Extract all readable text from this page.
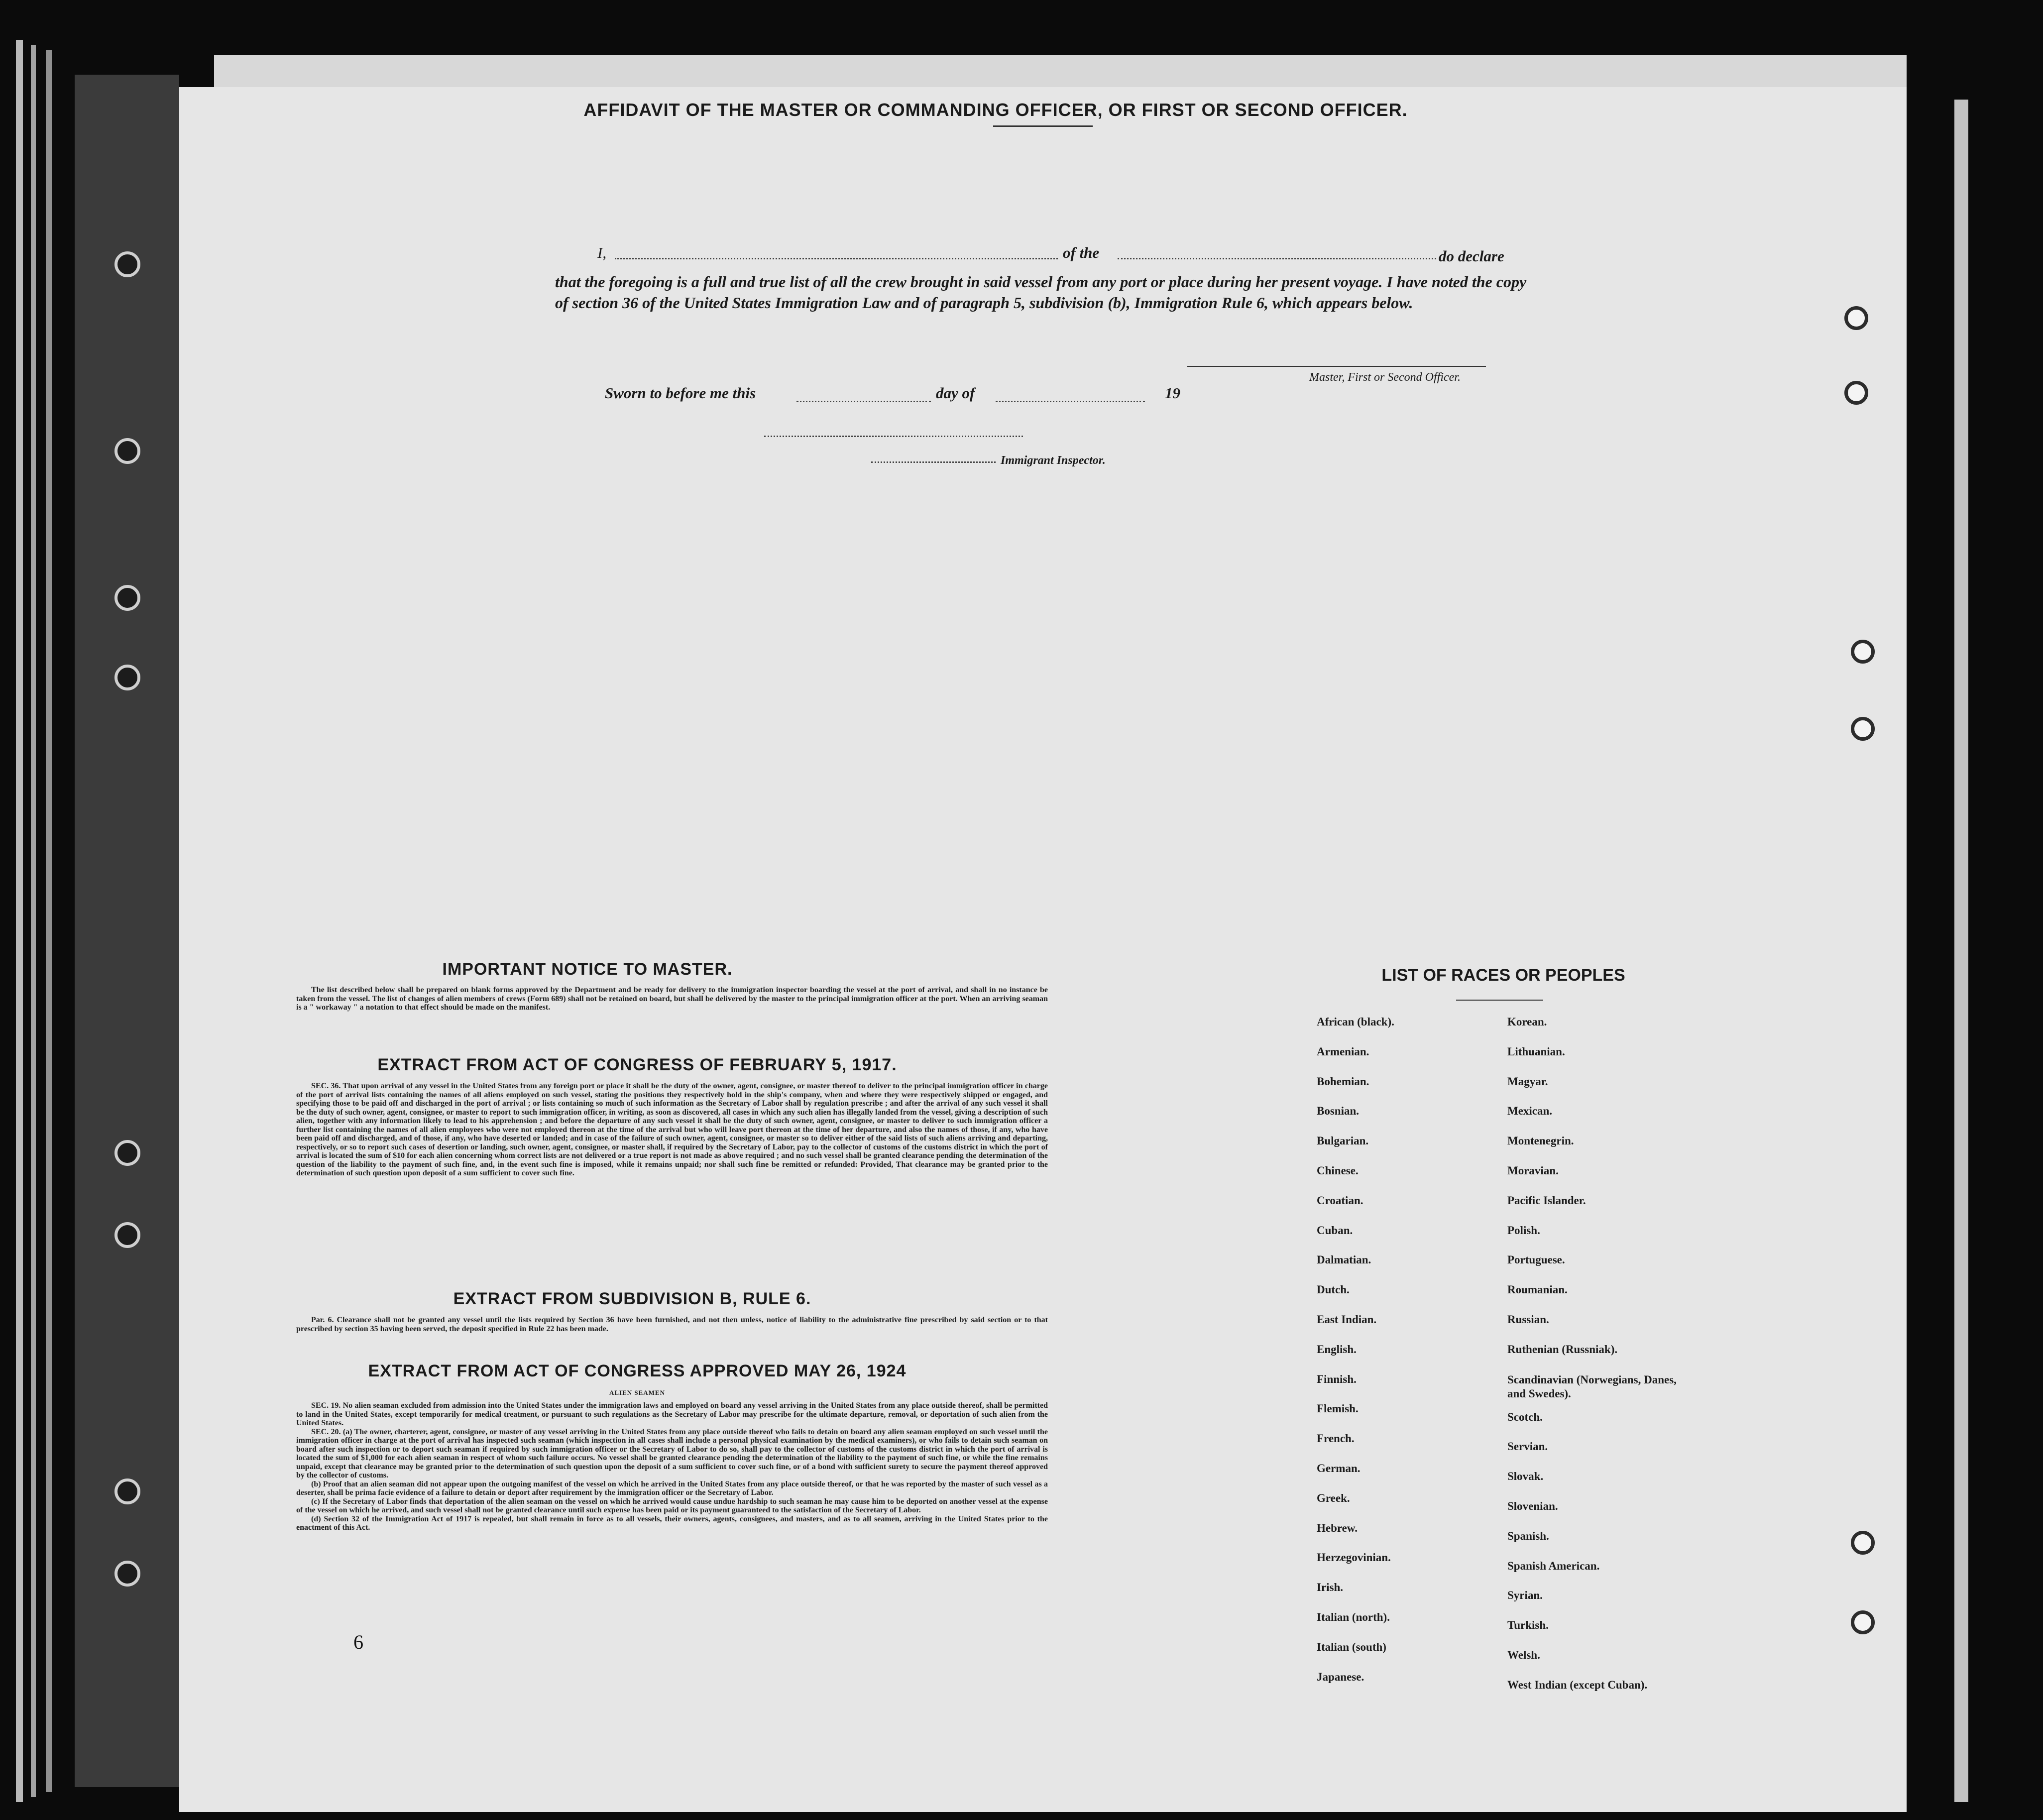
AFFIDAVIT OF THE MASTER OR COMMANDING OFFICER, OR FIRST OR SECOND OFFICER.
I,	of the	do declare
that the foregoing is a full and true list of all the crew brought in said vessel from any port or place during her present voyage. I have noted the copy of section 36 of the United States Immigration Law and of paragraph 5, subdivision (b), Immigration Rule 6, which appears below.
Master, First or Second Officer.
Sworn to before me this	day of	19
Immigrant Inspector.
IMPORTANT NOTICE TO MASTER.

The list described below shall be prepared on blank forms approved by the Department and be ready for delivery to the immigration inspector boarding the vessel at the port of arrival, and shall in no instance be taken from the vessel. The list of changes of alien members of crews (Form 689) shall not be retained on board, but shall be delivered by the master to the principal immigration officer at the port. When an arriving seaman is a " workaway " a notation to that effect should be made on the manifest.

EXTRACT FROM ACT OF CONGRESS OF FEBRUARY 5, 1917.

SEC. 36. That upon arrival of any vessel in the United States from any foreign port or place it shall be the duty of the owner, agent, consignee, or master thereof to deliver to the principal immigration officer in charge of the port of arrival lists containing the names of all aliens employed on such vessel, stating the positions they respectively hold in the ship's company, when and where they were respectively shipped or engaged, and specifying those to be paid off and discharged in the port of arrival ; or lists containing so much of such information as the Secretary of Labor shall by regulation prescribe ; and after the arrival of any such vessel it shall be the duty of such owner, agent, consignee, or master to report to such immigration officer, in writing, as soon as discovered, all cases in which any such alien has illegally landed from the vessel, giving a description of such alien, together with any information likely to lead to his apprehension ; and before the departure of any such vessel it shall be the duty of such owner, agent, consignee, or master to deliver to such immigration officer a further list containing the names of all alien employees who were not employed thereon at the time of the arrival but who will leave port thereon at the time of her departure, and also the names of those, if any, who have been paid off and discharged, and of those, if any, who have deserted or landed; and in case of the failure of such owner, agent, consignee, or master so to deliver either of the said lists of such aliens arriving and departing, respectively, or so to report such cases of desertion or landing, such owner, agent, consignee, or master shall, if required by the Secretary of Labor, pay to the collector of customs of the customs district in which the port of arrival is located the sum of $10 for each alien concerning whom correct lists are not delivered or a true report is not made as above required ; and no such vessel shall be granted clearance pending the determination of the question of the liability to the payment of such fine, and, in the event such fine is imposed, while it remains unpaid; nor shall such fine be remitted or refunded: Provided, That clearance may be granted prior to the determination of such question upon deposit of a sum sufficient to cover such fine.

EXTRACT FROM SUBDIVISION B, RULE 6.

Par. 6. Clearance shall not be granted any vessel until the lists required by Section 36 have been furnished, and not then unless, notice of liability to the administrative fine prescribed by said section or to that prescribed by section 35 having been served, the deposit specified in Rule 22 has been made.

EXTRACT FROM ACT OF CONGRESS APPROVED MAY 26, 1924
ALIEN SEAMEN

SEC. 19. No alien seaman excluded from admission into the United States under the immigration laws and employed on board any vessel arriving in the United States from any place outside thereof, shall be permitted to land in the United States, except temporarily for medical treatment, or pursuant to such regulations as the Secretary of Labor may prescribe for the ultimate departure, removal, or deportation of such alien from the United States.

SEC. 20. (a) The owner, charterer, agent, consignee, or master of any vessel arriving in the United States from any place outside thereof who fails to detain on board any alien seaman employed on such vessel until the immigration officer in charge at the port of arrival has inspected such seaman (which inspection in all cases shall include a personal physical examination by the medical examiners), or who fails to detain such seaman on board after such inspection or to deport such seaman if required by such immigration officer or the Secretary of Labor to do so, shall pay to the collector of customs of the customs district in which the port of arrival is located the sum of $1,000 for each alien seaman in respect of whom such failure occurs. No vessel shall be granted clearance pending the determination of the liability to the payment of such fine, or while the fine remains unpaid, except that clearance may be granted prior to the determination of such question upon the deposit of a sum sufficient to cover such fine, or of a bond with sufficient surety to secure the payment thereof approved by the collector of customs.

(b) Proof that an alien seaman did not appear upon the outgoing manifest of the vessel on which he arrived in the United States from any place outside thereof, or that he was reported by the master of such vessel as a deserter, shall be prima facie evidence of a failure to detain or deport after requirement by the immigration officer or the Secretary of Labor.

(c) If the Secretary of Labor finds that deportation of the alien seaman on the vessel on which he arrived would cause undue hardship to such seaman he may cause him to be deported on another vessel at the expense of the vessel on which he arrived, and such vessel shall not be granted clearance until such expense has been paid or its payment guaranteed to the satisfaction of the Secretary of Labor.

(d) Section 32 of the Immigration Act of 1917 is repealed, but shall remain in force as to all vessels, their owners, agents, consignees, and masters, and as to all seamen, arriving in the United States prior to the enactment of this Act.

6
LIST OF RACES OR PEOPLES
African (black).
Armenian.
Bohemian.
Bosnian.
Bulgarian.
Chinese.
Croatian.
Cuban.
Dalmatian.
Dutch.
East Indian.
English.
Finnish.
Flemish.
French.
German.
Greek.
Hebrew.
Herzegovinian.
Irish.
Italian (north).
Italian (south)
Japanese.
Korean.
Lithuanian.
Magyar.
Mexican.
Montenegrin.
Moravian.
Pacific Islander.
Polish.
Portuguese.
Roumanian.
Russian.
Ruthenian (Russniak).
Scandinavian (Norwegians, Danes, and Swedes).
Scotch.
Servian.
Slovak.
Slovenian.
Spanish.
Spanish American.
Syrian.
Turkish.
Welsh.
West Indian (except Cuban).
